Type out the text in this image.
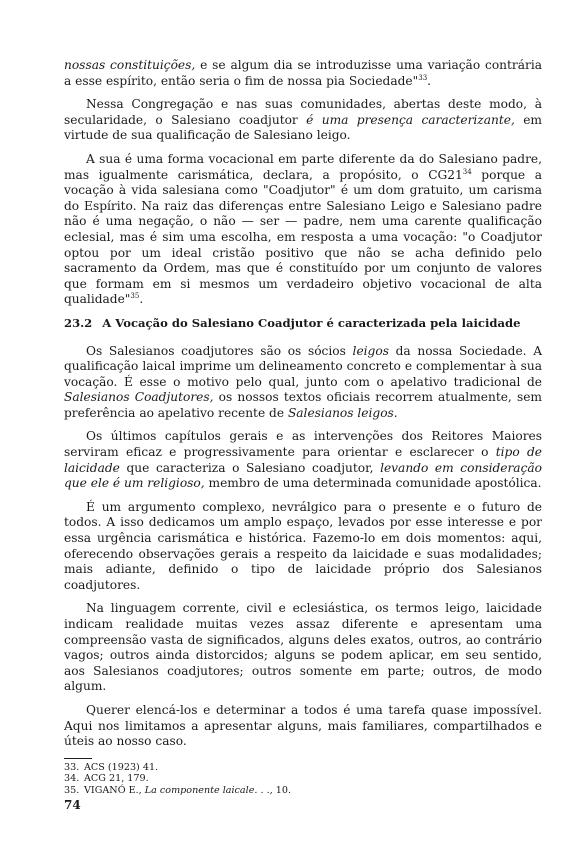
nossas constituições, e se algum dia se introduzisse uma variação contrária a esse espírito, então seria o fim de nossa pia Sociedade"$^{33}$.

Nessa Congregação e nas suas comunidades, abertas deste modo, à secularidade, o Salesiano coadjutor é uma presença caracterizante, em virtude de sua qualificação de Salesiano leigo.

A sua é uma forma vocacional em parte diferente da do Salesiano padre, mas igualmente carismática, declara, a propósito, o $CG21^{34}$ porque a vocação à vida salesiana como "Coadjutor" é um dom gratuito, um carisma do Espírito. Na raiz das diferenças entre Salesiano Leigo e Salesiano padre não é uma negação, o não — ser — padre, nem uma carente qualificação eclesial, mas é sim uma escolha, em resposta a uma vocação: "o Coadjutor optou por um ideal cristão positivo que não se acha definido pelo sacramento da Ordem, mas que é constituído por um conjunto de valores que formam em si mesmos um verdadeiro objetivo vocacional de alta qualidade"$^{35}$.

23.2 A Vocação do Salesiano Coadjutor é caracterizada pela laicidade

Os Salesianos coadjutores são os sócios leigos da nossa Sociedade. A qualificação laical imprime um delineamento concreto e complementar à sua vocação. É esse o motivo pelo qual, junto com o apelativo tradicional de Salesianos Coadjutores, os nossos textos oficiais recorrem atualmente, sem preferência ao apelativo recente de Salesianos leigos.

Os últimos capítulos gerais e as intervenções dos Reitores Maiores serviram eficaz e progressivamente para orientar e esclarecer o tipo de laicidade que caracteriza o Salesiano coadjutor, levando em consideração que ele é um religioso, membro de uma determinada comunidade apostólica.

É um argumento complexo, nevrálgico para o presente e o futuro de todos. A isso dedicamos um amplo espaço, levados por esse interesse e por essa urgência carismática e histórica. Fazemo-lo em dois momentos: aqui, oferecendo observações gerais a respeito da laicidade e suas modalidades; mais adiante, definido o tipo de laicidade próprio dos Salesianos coadjutores.

Na linguagem corrente, civil e eclesiástica, os termos leigo, laicidade indicam realidade muitas vezes assaz diferente e apresentam uma compreensão vasta de significados, alguns deles exatos, outros, ao contrário vagos; outros ainda distorcidos; alguns se podem aplicar, em seu sentido, aos Salesianos coadjutores; outros somente em parte; outros, de modo algum.

Querer elencá-los e determinar a todos é uma tarefa quase impossível. Aqui nos limitamos a apresentar alguns, mais familiares, compartilhados e úteis ao nosso caso.

33. ACS (1923) 41.
34. ACG 21, 179.
35. VIGANÓ E., La componente laicale. . ., 10.
74
